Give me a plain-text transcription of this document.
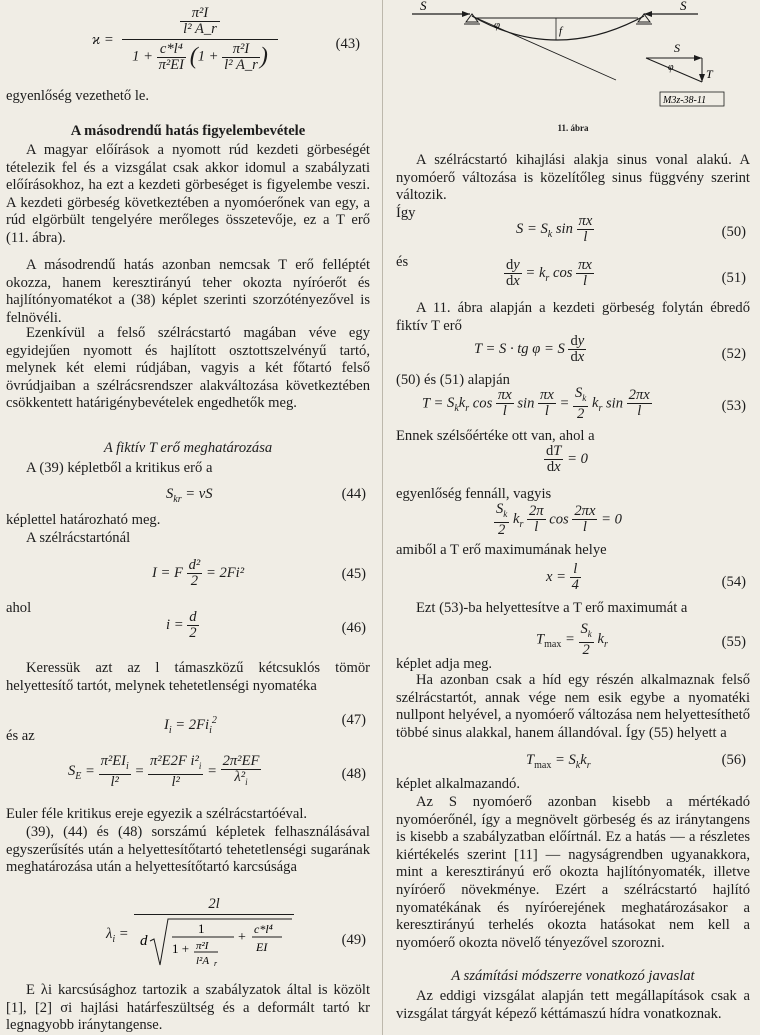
ϰ =
π²I
l² A_r
$1 + \frac{\text{c*l⁴}}{\text{π²EI}} (1 + \frac{\text{π²I}}{\text{l² A\_r}}$ )	(43)

egyenlőség vezethető le.

A másodrendű hatás figyelembevétele

A magyar előírások a nyomott rúd kezdeti görbeségét tételezik fel és a vizsgálat csak akkor idomul a szabályzati előírásokhoz, ha ezt a kezdeti görbeséget is figyelembe veszi. A kezdeti görbeség következtében a nyomóerőnek van egy, a rúd elgörbült tengelyére merőleges összetevője, ez a T erő (11. ábra).

A másodrendű hatás azonban nemcsak T erő felléptét okozza, hanem keresztirányú teher okozta nyíróerőt és hajlítónyomatékot a (38) képlet szerinti szorzótényezővel is felnövéli.

Ezenkívül a felső szélrácstartó magában véve egy egyidejűen nyomott és hajlított osztottszelvényű tartó, melynek két elemi rúdjában, vagyis a két főtartó felső övrúdjaiban a szélrácsrendszer alakváltozása következtében csökkentett határigénybevételek engedhetők meg.

A fiktív T erő meghatározása

A (39) képletből a kritikus erő a

$S_{kr} = \nu S$	(44)

képlettel határozható meg.

A szélrácstartónál

I = F $\frac{\text{d²}}{2} = 2Fi^2$	(45)

ahol

$i = \frac{d}{2}$	(46)

Keressük azt az l támaszközű kétcsuklós tömör helyettesítő tartót, melynek tehetetlenségi nyomatéka

$I_i = 2Fi_i^2$	(47)

és az

$S_E = \frac{\pi^2EI_i}{\text{l²}} = \frac{\pi^2E2F i^2_i}{\text{l²}} = \frac{\text{2π²EF}}{\lambda^2_i}$	(48)

Euler féle kritikus ereje egyezik a szélrácstartóéval.

(39), (44) és (48) sorszámú képletek felhasználásával egyszerűsítés után a helyettesítőtartó tehetetlenségi sugarának meghatározása után a helyettesítőtartó karcsúsága

$\lambda_i$ =
2l
d
1
1 + π²I
l²A r
+
c*l⁴
EI	(49)

E λi karcsúsághoz tartozik a szabályzatok által is közölt [1], [2] σi hajlási határfeszültség és a deformált tartó kr legnagyobb iránytangense.

S
φ	f
S
S
T
φ
M3z-38-11
11. ábra

A szélrácstartó kihajlási alakja sinus vonal alakú. A nyomóerő változása is közelítőleg sinus függvény szerint változik.

Így

$S = S_k$ $\sin \frac{\pi x}{l}$	(50)

és	$\frac{dy}{dx} = k_r$ $\cos \frac{\pi x}{l}$	(51)

A 11. ábra alapján a kezdeti görbeség folytán ébredő fiktív T erő

T = S · tg φ = S $\frac{dy}{dx}$	(52)

(50) és (51) alapján

$T = S_kk_r$ $\cos \frac{\pi x}{l}$ $\sin \frac{\pi x}{l} = \frac{S_k}{2} k_r$ $\sin \frac{2\pi x}{l}$	(53)

Ennek szélsőértéke ott van, ahol a

$\frac{dT}{dx} = 0$

egyenlőség fennáll, vagyis

$\frac{S_k}{2} k_r \frac{2\pi}{l}$ $\cos \frac{2\pi x}{l} = 0$

amiből a T erő maximumának helye

$x = \frac{l}{4}$	(54)

Ezt (53)-ba helyettesítve a T erő maximumát a

$T_{max} = \frac{S_k}{2} k_r$	(55)

képlet adja meg.

Ha azonban csak a híd egy részén alkalmaznak felső szélrácstartót, annak vége nem esik egybe a nyomatéki nullpont helyével, a nyomóerő változása nem helyettesíthető többé sinus alakkal, hanem állandóval. Így (55) helyett a

$T_{max} = S_kk_r$	(56)

képlet alkalmazandó.

Az S nyomóerő azonban kisebb a mértékadó nyomóerőnél, így a megnövelt görbeség és az iránytangens is kisebb a szabályzatban előírtnál. Ez a hatás — a részletes kiértékelés szerint [11] — nagyságrendben ugyanakkora, mint a keresztirányú erő okozta hajlítónyomaték, illetve nyíróerő növekménye. Ezért a szélrácstartó hajlító nyomatékának és nyíróerejének meghatározásakor a keresztirányú terhelés okozta hatásokat nem kell a nyomóerő okozta növelő tényezővel szorozni.

A számítási módszerre vonatkozó javaslat

Az eddigi vizsgálat alapján tett megállapítások csak a vizsgálat tárgyát képező kéttámaszú hídra vonatkoznak.
